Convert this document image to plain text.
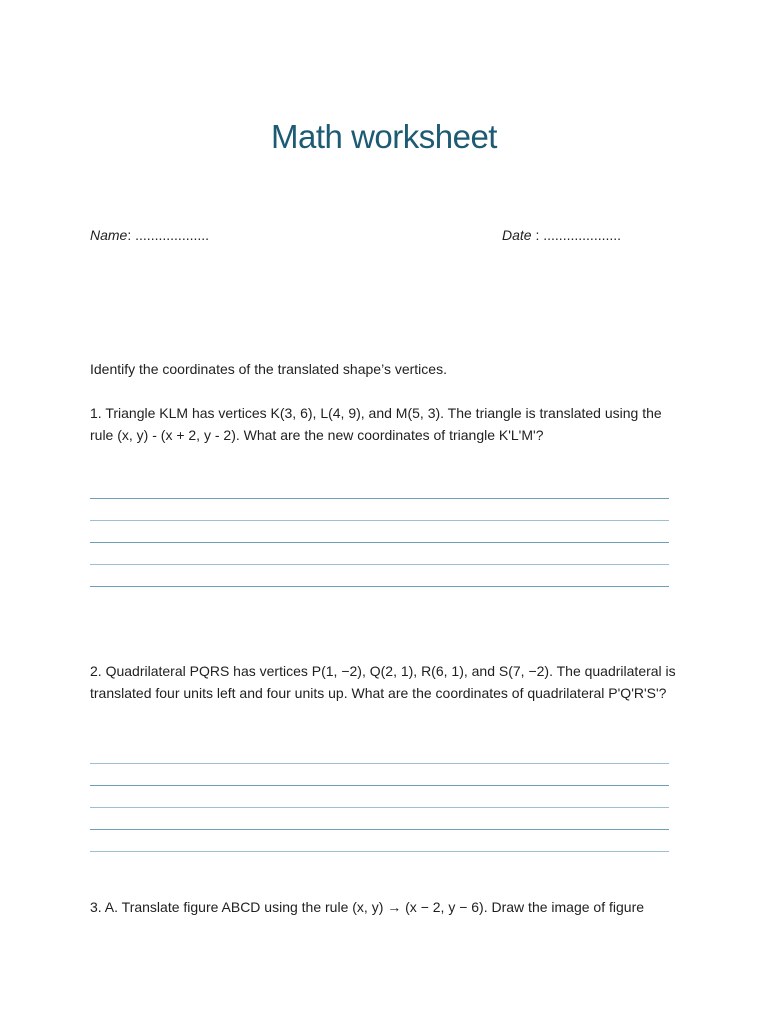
Math worksheet
Name: ...................	Date : ....................
Identify the coordinates of the translated shape’s vertices.
1. Triangle KLM has vertices K(3, 6), L(4, 9), and M(5, 3). The triangle is translated using the rule (x, y) - (x + 2, y - 2). What are the new coordinates of triangle K'L'M'?
2. Quadrilateral PQRS has vertices P(1, −2), Q(2, 1), R(6, 1), and S(7, −2). The quadrilateral is translated four units left and four units up. What are the coordinates of quadrilateral P'Q'R'S'?
3. A. Translate figure ABCD using the rule (x, y) → (x − 2, y − 6). Draw the image of figure
